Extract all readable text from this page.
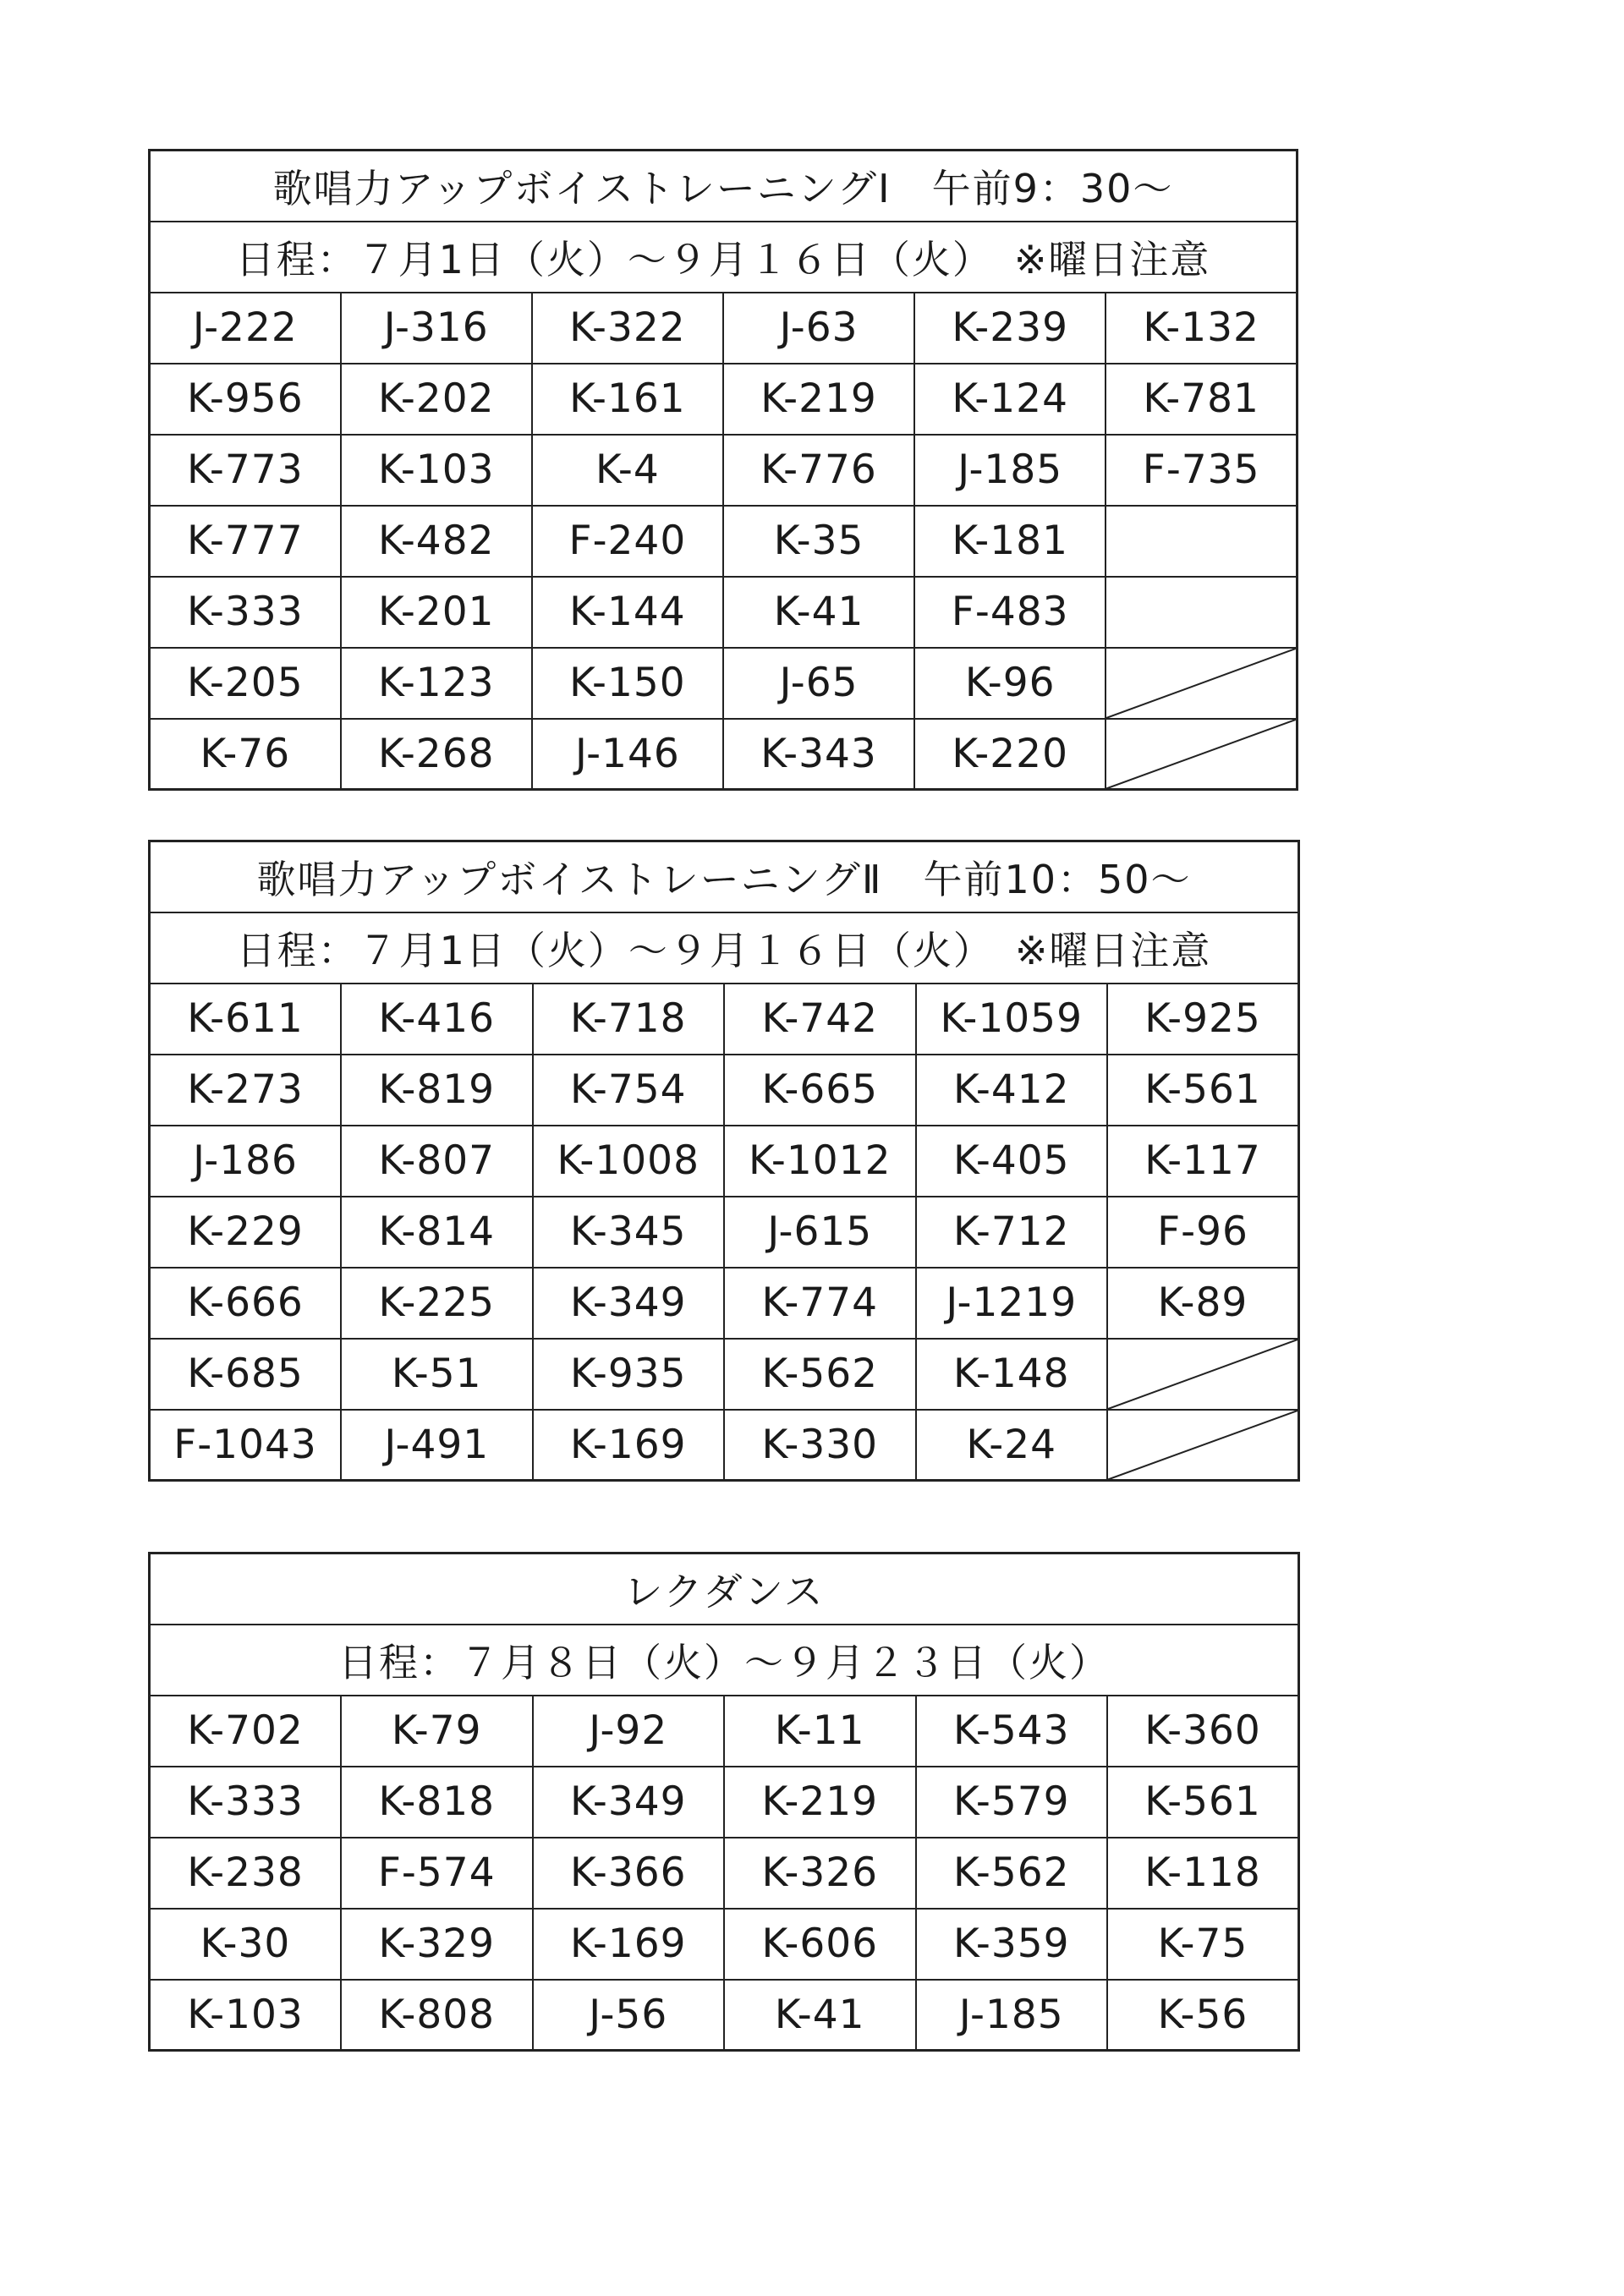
歌唱力アップボイストレーニングⅠ　午前9：30～					
日程：７月1日（火）～９月１６日（火）　※曜日注意					
J-222	J-316	K-322	J-63	K-239	K-132
K-956	K-202	K-161	K-219	K-124	K-781
K-773	K-103	K-4	K-776	J-185	F-735
K-777	K-482	F-240	K-35	K-181	
K-333	K-201	K-144	K-41	F-483	
K-205	K-123	K-150	J-65	K-96	

K-76	K-268	J-146	K-343	K-220	
歌唱力アップボイストレーニングⅡ　午前10：50～					
日程：７月1日（火）～９月１６日（火）　※曜日注意					
K-611	K-416	K-718	K-742	K-1059	K-925
K-273	K-819	K-754	K-665	K-412	K-561
J-186	K-807	K-1008	K-1012	K-405	K-117
K-229	K-814	K-345	J-615	K-712	F-96
K-666	K-225	K-349	K-774	J-1219	K-89
K-685	K-51	K-935	K-562	K-148	

F-1043	J-491	K-169	K-330	K-24	
レクダンス					
日程：７月８日（火）～９月２３日（火）					
K-702	K-79	J-92	K-11	K-543	K-360
K-333	K-818	K-349	K-219	K-579	K-561
K-238	F-574	K-366	K-326	K-562	K-118
K-30	K-329	K-169	K-606	K-359	K-75
K-103	K-808	J-56	K-41	J-185	K-56
